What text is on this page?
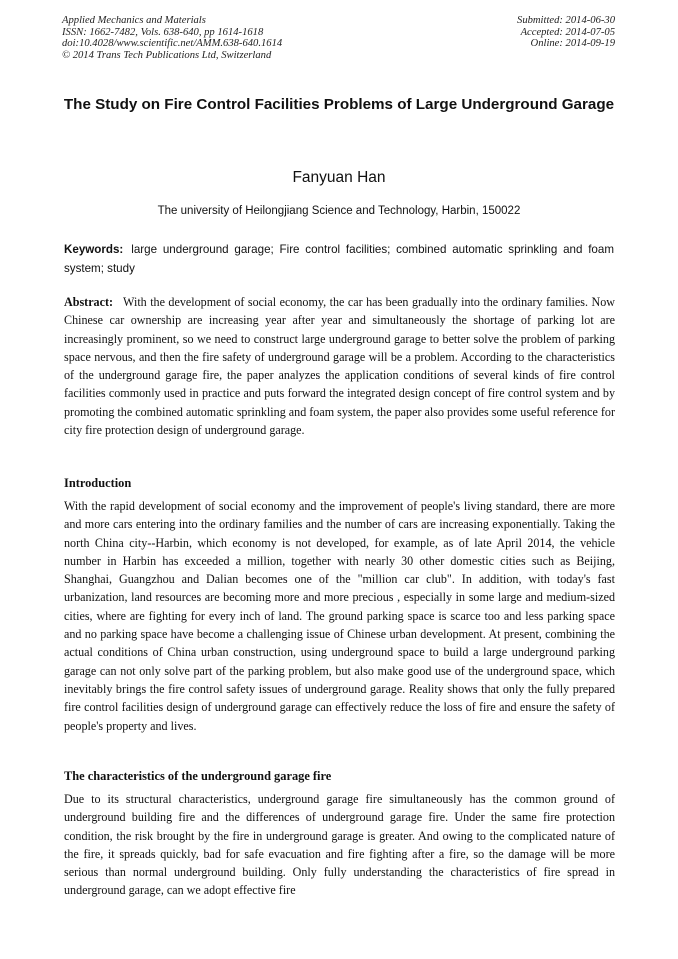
Applied Mechanics and Materials
ISSN: 1662-7482, Vols. 638-640, pp 1614-1618
doi:10.4028/www.scientific.net/AMM.638-640.1614
© 2014 Trans Tech Publications Ltd, Switzerland
Submitted: 2014-06-30
Accepted: 2014-07-05
Online: 2014-09-19
The Study on Fire Control Facilities Problems of Large Underground Garage
Fanyuan Han
The university of Heilongjiang Science and Technology, Harbin, 150022
Keywords: large underground garage; Fire control facilities; combined automatic sprinkling and foam system; study
Abstract: With the development of social economy, the car has been gradually into the ordinary families. Now Chinese car ownership are increasing year after year and simultaneously the shortage of parking lot are increasingly prominent, so we need to construct large underground garage to better solve the problem of parking space nervous, and then the fire safety of underground garage will be a problem. According to the characteristics of the underground garage fire, the paper analyzes the application conditions of several kinds of fire control facilities commonly used in practice and puts forward the integrated design concept of fire control system and by promoting the combined automatic sprinkling and foam system, the paper also provides some useful reference for city fire protection design of underground garage.
Introduction
With the rapid development of social economy and the improvement of people's living standard, there are more and more cars entering into the ordinary families and the number of cars are increasing exponentially. Taking the north China city--Harbin, which economy is not developed, for example, as of late April 2014, the vehicle number in Harbin has exceeded a million, together with nearly 30 other domestic cities such as Beijing, Shanghai, Guangzhou and Dalian becomes one of the "million car club". In addition, with today's fast urbanization, land resources are becoming more and more precious , especially in some large and medium-sized cities, where are fighting for every inch of land. The ground parking space is scarce too and less parking space and no parking space have become a challenging issue of Chinese urban development. At present, combining the actual conditions of China urban construction, using underground space to build a large underground parking garage can not only solve part of the parking problem, but also make good use of the underground space, which inevitably brings the fire control safety issues of underground garage. Reality shows that only the fully prepared fire control facilities design of underground garage can effectively reduce the loss of fire and ensure the safety of people's property and lives.
The characteristics of the underground garage fire
Due to its structural characteristics, underground garage fire simultaneously has the common ground of underground building fire and the differences of underground garage fire. Under the same fire protection condition, the risk brought by the fire in underground garage is greater. And owing to the complicated nature of the fire, it spreads quickly, bad for safe evacuation and fire fighting after a fire, so the damage will be more serious than normal underground building. Only fully understanding the characteristics of fire spread in underground garage, can we adopt effective fire
